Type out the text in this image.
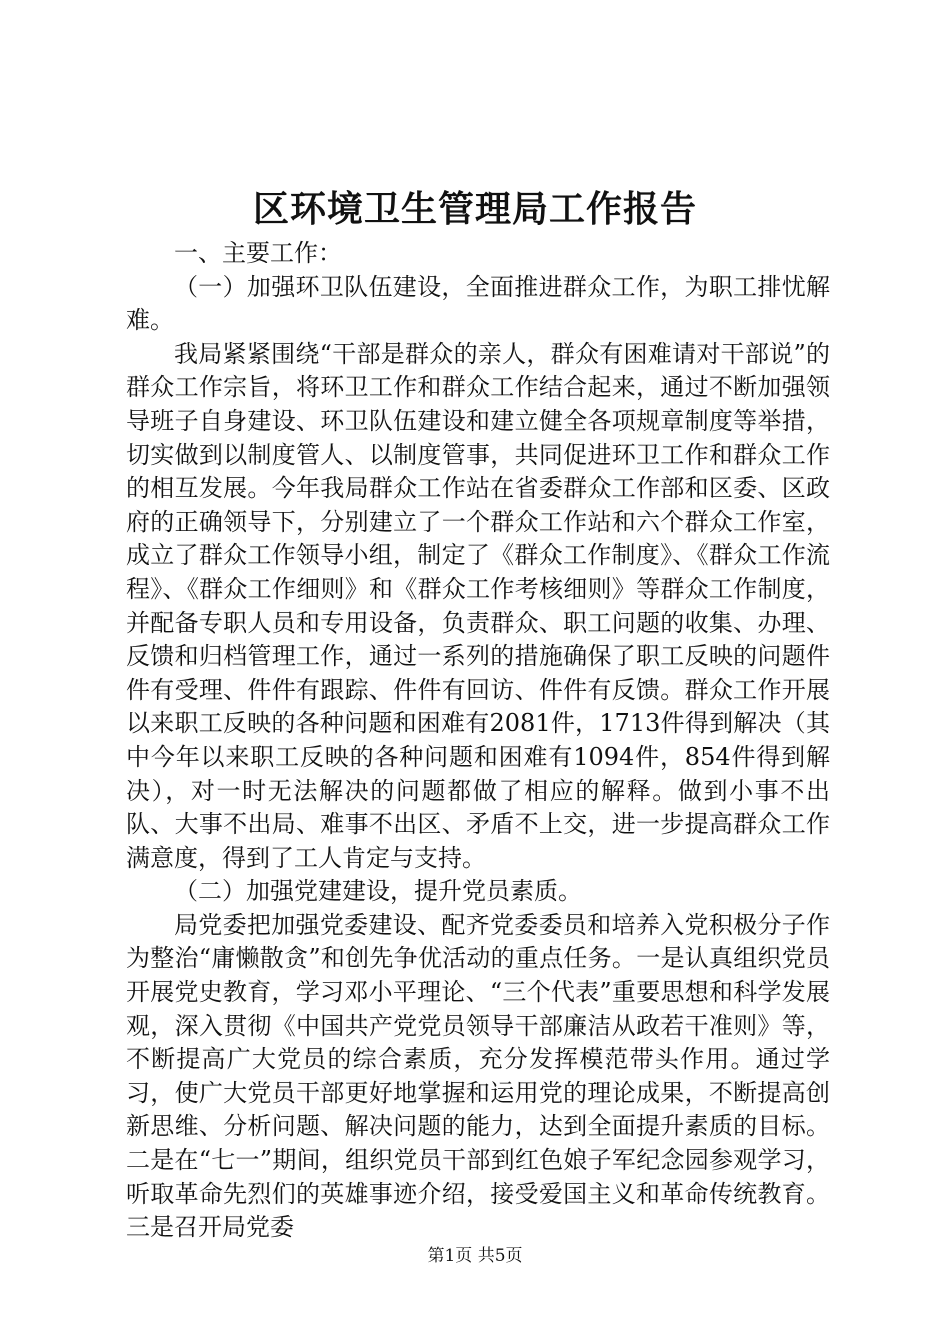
区环境卫生管理局工作报告

一、主要工作：

（一）加强环卫队伍建设，全面推进群众工作，为职工排忧解难。

我局紧紧围绕“干部是群众的亲人，群众有困难请对干部说”的群众工作宗旨，将环卫工作和群众工作结合起来，通过不断加强领导班子自身建设、环卫队伍建设和建立健全各项规章制度等举措，切实做到以制度管人、以制度管事，共同促进环卫工作和群众工作的相互发展。今年我局群众工作站在省委群众工作部和区委、区政府的正确领导下，分别建立了一个群众工作站和六个群众工作室，成立了群众工作领导小组，制定了《群众工作制度》、《群众工作流程》、《群众工作细则》和《群众工作考核细则》等群众工作制度，并配备专职人员和专用设备，负责群众、职工问题的收集、办理、反馈和归档管理工作，通过一系列的措施确保了职工反映的问题件件有受理、件件有跟踪、件件有回访、件件有反馈。群众工作开展以来职工反映的各种问题和困难有2081件，1713件得到解决（其中今年以来职工反映的各种问题和困难有1094件，854件得到解决），对一时无法解决的问题都做了相应的解释。做到小事不出队、大事不出局、难事不出区、矛盾不上交，进一步提高群众工作满意度，得到了工人肯定与支持。

（二）加强党建建设，提升党员素质。

局党委把加强党委建设、配齐党委委员和培养入党积极分子作为整治“庸懒散贪”和创先争优活动的重点任务。一是认真组织党员开展党史教育，学习邓小平理论、“三个代表”重要思想和科学发展观，深入贯彻《中国共产党党员领导干部廉洁从政若干准则》等，不断提高广大党员的综合素质，充分发挥模范带头作用。通过学习，使广大党员干部更好地掌握和运用党的理论成果，不断提高创新思维、分析问题、解决问题的能力，达到全面提升素质的目标。二是在“七一”期间，组织党员干部到红色娘子军纪念园参观学习，听取革命先烈们的英雄事迹介绍，接受爱国主义和革命传统教育。三是召开局党委

第1页 共5页
